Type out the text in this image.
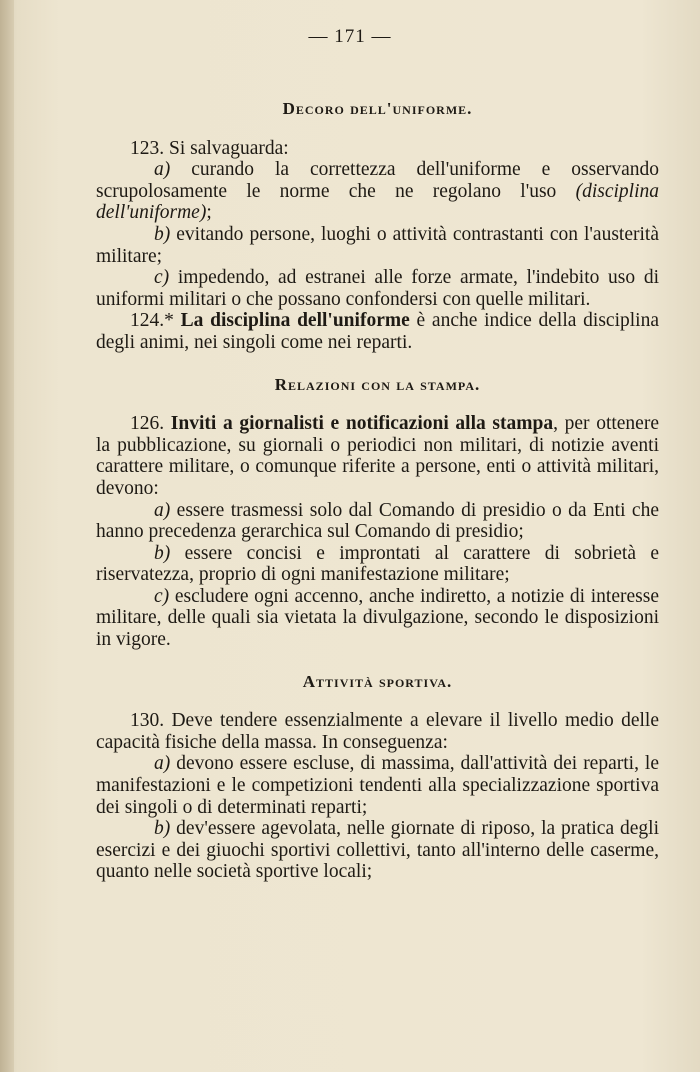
— 171 —
Decoro dell'uniforme.

123. Si salvaguarda:

a) curando la correttezza dell'uniforme e osservando scrupolosamente le norme che ne regolano l'uso (disciplina dell'uniforme);

b) evitando persone, luoghi o attività contrastanti con l'austerità militare;

c) impedendo, ad estranei alle forze armate, l'indebito uso di uniformi militari o che possano confondersi con quelle militari.

124.* La disciplina dell'uniforme è anche indice della disciplina degli animi, nei singoli come nei reparti.

Relazioni con la stampa.

126. Inviti a giornalisti e notificazioni alla stampa, per ottenere la pubblicazione, su giornali o periodici non militari, di notizie aventi carattere militare, o comunque riferite a persone, enti o attività militari, devono:

a) essere trasmessi solo dal Comando di presidio o da Enti che hanno precedenza gerarchica sul Comando di presidio;

b) essere concisi e improntati al carattere di sobrietà e riservatezza, proprio di ogni manifestazione militare;

c) escludere ogni accenno, anche indiretto, a notizie di interesse militare, delle quali sia vietata la divulgazione, secondo le disposizioni in vigore.

Attività sportiva.

130. Deve tendere essenzialmente a elevare il livello medio delle capacità fisiche della massa. In conseguenza:

a) devono essere escluse, di massima, dall'attività dei reparti, le manifestazioni e le competizioni tendenti alla specializzazione sportiva dei singoli o di determinati reparti;

b) dev'essere agevolata, nelle giornate di riposo, la pratica degli esercizi e dei giuochi sportivi collettivi, tanto all'interno delle caserme, quanto nelle società sportive locali;
